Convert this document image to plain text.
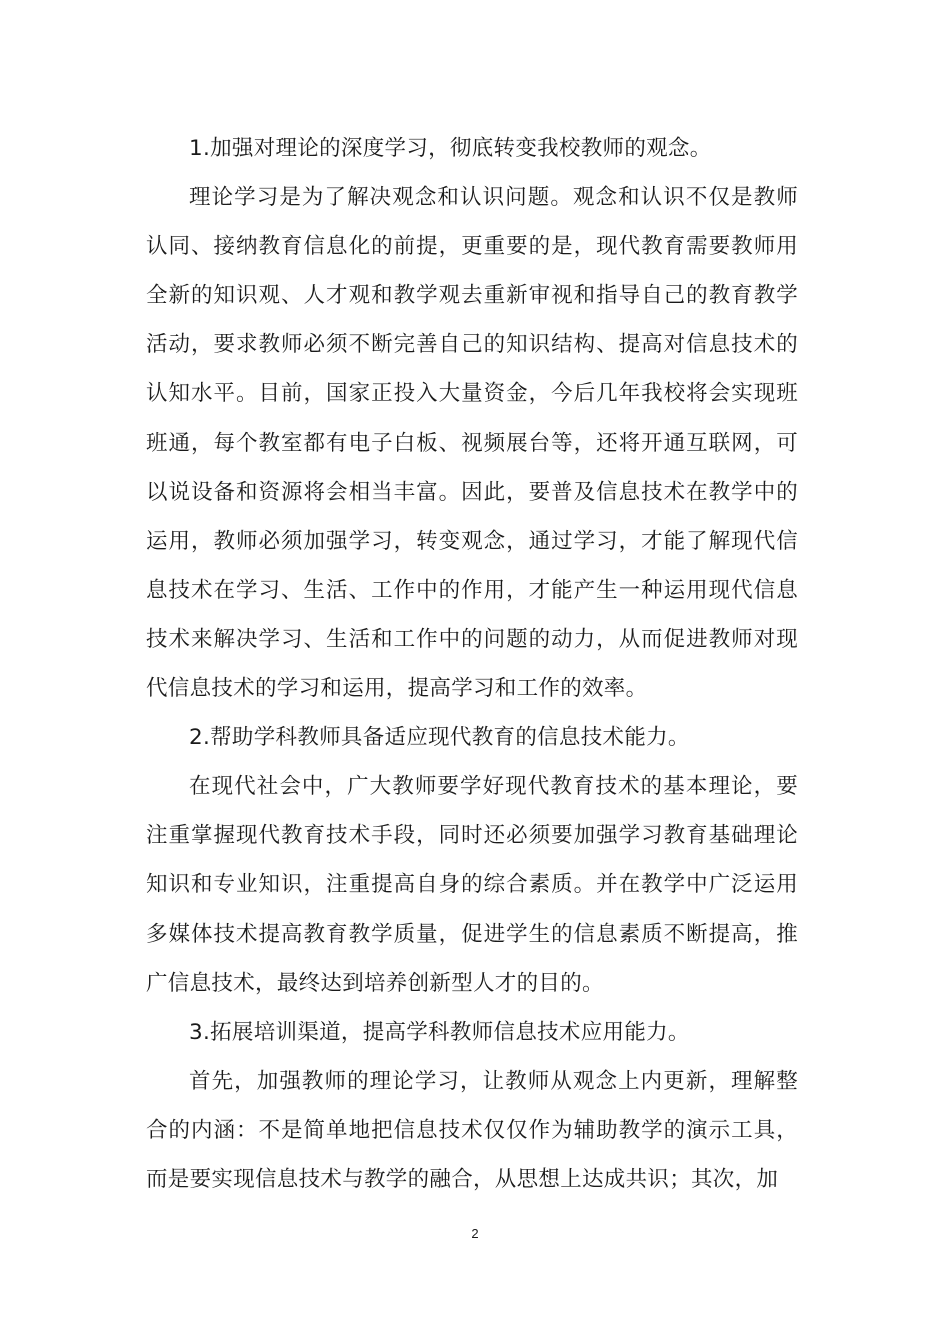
1.加强对理论的深度学习，彻底转变我校教师的观念。

理论学习是为了解决观念和认识问题。观念和认识不仅是教师认同、接纳教育信息化的前提，更重要的是，现代教育需要教师用全新的知识观、人才观和教学观去重新审视和指导自己的教育教学活动，要求教师必须不断完善自己的知识结构、提高对信息技术的认知水平。目前，国家正投入大量资金，今后几年我校将会实现班班通，每个教室都有电子白板、视频展台等，还将开通互联网，可以说设备和资源将会相当丰富。因此，要普及信息技术在教学中的运用，教师必须加强学习，转变观念，通过学习，才能了解现代信息技术在学习、生活、工作中的作用，才能产生一种运用现代信息技术来解决学习、生活和工作中的问题的动力，从而促进教师对现代信息技术的学习和运用，提高学习和工作的效率。

2.帮助学科教师具备适应现代教育的信息技术能力。

在现代社会中，广大教师要学好现代教育技术的基本理论，要注重掌握现代教育技术手段，同时还必须要加强学习教育基础理论知识和专业知识，注重提高自身的综合素质。并在教学中广泛运用多媒体技术提高教育教学质量，促进学生的信息素质不断提高，推广信息技术，最终达到培养创新型人才的目的。

3.拓展培训渠道，提高学科教师信息技术应用能力。

首先，加强教师的理论学习，让教师从观念上内更新，理解整合的内涵：不是简单地把信息技术仅仅作为辅助教学的演示工具，而是要实现信息技术与教学的融合，从思想上达成共识；其次，加

2
